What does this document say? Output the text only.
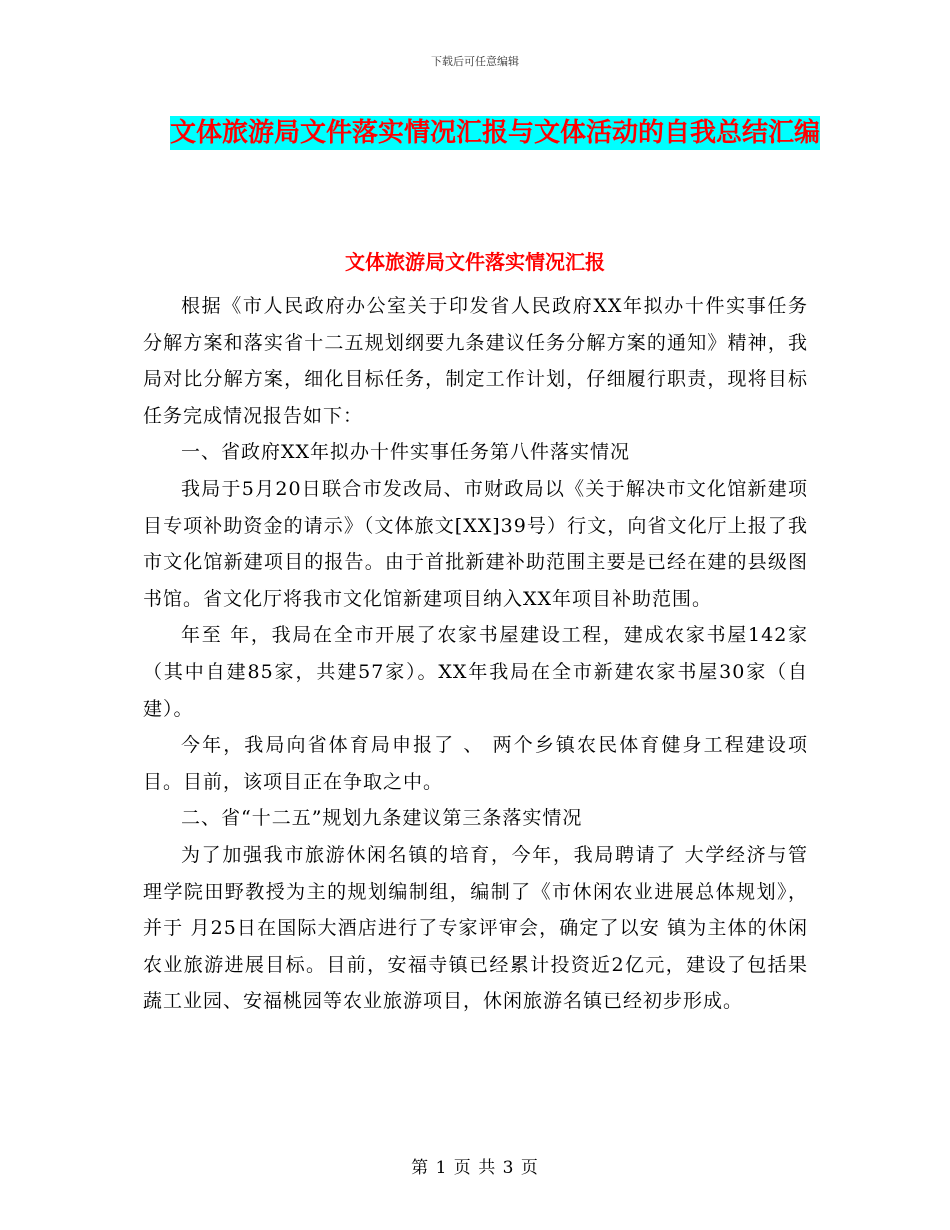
下载后可任意编辑
文体旅游局文件落实情况汇报与文体活动的自我总结汇编
文体旅游局文件落实情况汇报

根据《市人民政府办公室关于印发省人民政府XX年拟办十件实事任务分解方案和落实省十二五规划纲要九条建议任务分解方案的通知》精神，我局对比分解方案，细化目标任务，制定工作计划，仔细履行职责，现将目标任务完成情况报告如下：

一、省政府XX年拟办十件实事任务第八件落实情况

我局于5月20日联合市发改局、市财政局以《关于解决市文化馆新建项目专项补助资金的请示》（文体旅文[XX]39号）行文，向省文化厅上报了我市文化馆新建项目的报告。由于首批新建补助范围主要是已经在建的县级图书馆。省文化厅将我市文化馆新建项目纳入XX年项目补助范围。

年至 年，我局在全市开展了农家书屋建设工程，建成农家书屋142家（其中自建85家，共建57家）。XX年我局在全市新建农家书屋30家（自建）。

今年，我局向省体育局申报了 、 两个乡镇农民体育健身工程建设项目。目前，该项目正在争取之中。

二、省“十二五”规划九条建议第三条落实情况

为了加强我市旅游休闲名镇的培育，今年，我局聘请了 大学经济与管理学院田野教授为主的规划编制组，编制了《市休闲农业进展总体规划》，并于 月25日在国际大酒店进行了专家评审会，确定了以安 镇为主体的休闲农业旅游进展目标。目前，安福寺镇已经累计投资近2亿元，建设了包括果蔬工业园、安福桃园等农业旅游项目，休闲旅游名镇已经初步形成。

第 1 页 共 3 页
